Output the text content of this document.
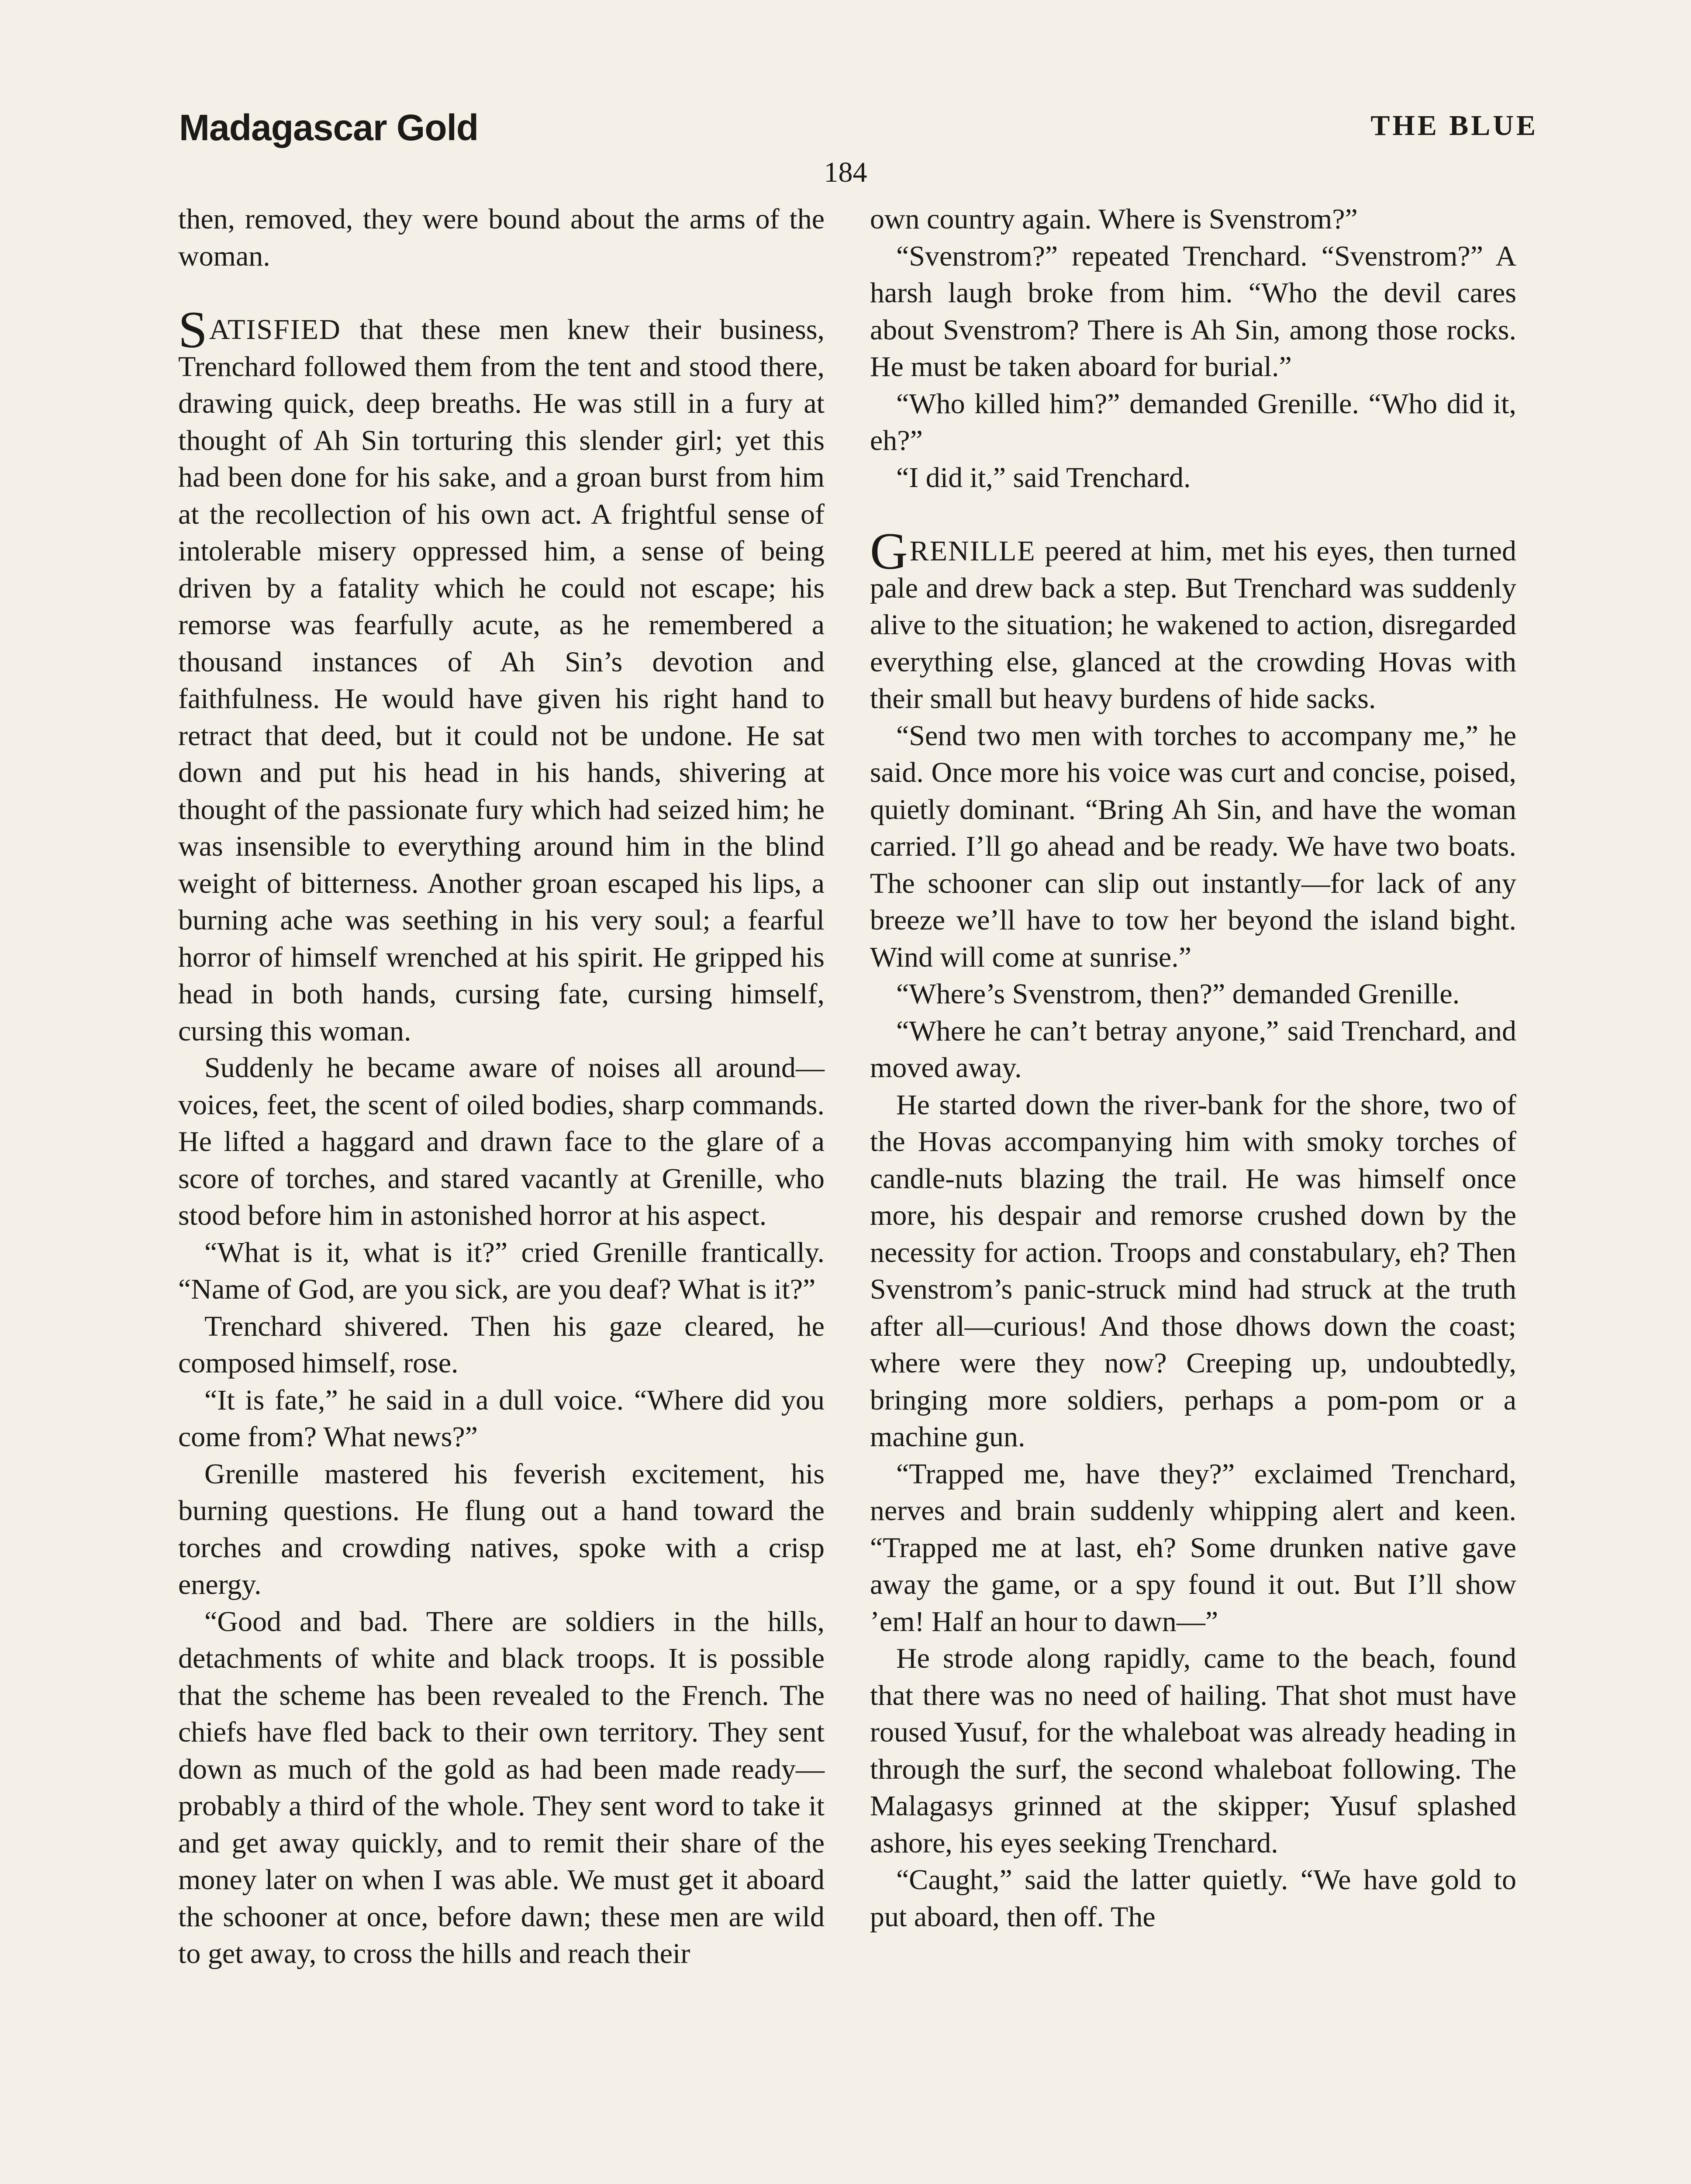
Madagascar Gold	THE BLUE
184

then, removed, they were bound about the arms of the woman.

SATISFIED that these men knew their business, Trenchard followed them from the tent and stood there, drawing quick, deep breaths. He was still in a fury at thought of Ah Sin torturing this slender girl; yet this had been done for his sake, and a groan burst from him at the recollection of his own act. A frightful sense of intolerable misery oppressed him, a sense of being driven by a fatality which he could not escape; his remorse was fearfully acute, as he remembered a thousand instances of Ah Sin’s devotion and faithfulness. He would have given his right hand to retract that deed, but it could not be undone. He sat down and put his head in his hands, shivering at thought of the passionate fury which had seized him; he was insensible to everything around him in the blind weight of bitterness. Another groan escaped his lips, a burning ache was seething in his very soul; a fearful horror of himself wrenched at his spirit. He gripped his head in both hands, cursing fate, cursing himself, cursing this woman.

Suddenly he became aware of noises all around—voices, feet, the scent of oiled bodies, sharp commands. He lifted a haggard and drawn face to the glare of a score of torches, and stared vacantly at Grenille, who stood before him in astonished horror at his aspect.

“What is it, what is it?” cried Grenille frantically. “Name of God, are you sick, are you deaf? What is it?”

Trenchard shivered. Then his gaze cleared, he composed himself, rose.

“It is fate,” he said in a dull voice. “Where did you come from? What news?”

Grenille mastered his feverish excitement, his burning questions. He flung out a hand toward the torches and crowding natives, spoke with a crisp energy.

“Good and bad. There are soldiers in the hills, detachments of white and black troops. It is possible that the scheme has been revealed to the French. The chiefs have fled back to their own territory. They sent down as much of the gold as had been made ready—probably a third of the whole. They sent word to take it and get away quickly, and to remit their share of the money later on when I was able. We must get it aboard the schooner at once, before dawn; these men are wild to get away, to cross the hills and reach their

own country again. Where is Svenstrom?”

“Svenstrom?” repeated Trenchard. “Svenstrom?” A harsh laugh broke from him. “Who the devil cares about Svenstrom? There is Ah Sin, among those rocks. He must be taken aboard for burial.”

“Who killed him?” demanded Grenille. “Who did it, eh?”

“I did it,” said Trenchard.

GRENILLE peered at him, met his eyes, then turned pale and drew back a step. But Trenchard was suddenly alive to the situation; he wakened to action, disregarded everything else, glanced at the crowding Hovas with their small but heavy burdens of hide sacks.

“Send two men with torches to accompany me,” he said. Once more his voice was curt and concise, poised, quietly dominant. “Bring Ah Sin, and have the woman carried. I’ll go ahead and be ready. We have two boats. The schooner can slip out instantly—for lack of any breeze we’ll have to tow her beyond the island bight. Wind will come at sunrise.”

“Where’s Svenstrom, then?” demanded Grenille.

“Where he can’t betray anyone,” said Trenchard, and moved away.

He started down the river-bank for the shore, two of the Hovas accompanying him with smoky torches of candle-nuts blazing the trail. He was himself once more, his despair and remorse crushed down by the necessity for action. Troops and constabulary, eh? Then Svenstrom’s panic-struck mind had struck at the truth after all—curious! And those dhows down the coast; where were they now? Creeping up, undoubtedly, bringing more soldiers, perhaps a pom-pom or a machine gun.

“Trapped me, have they?” exclaimed Trenchard, nerves and brain suddenly whipping alert and keen. “Trapped me at last, eh? Some drunken native gave away the game, or a spy found it out. But I’ll show ’em! Half an hour to dawn—”

He strode along rapidly, came to the beach, found that there was no need of hailing. That shot must have roused Yusuf, for the whaleboat was already heading in through the surf, the second whaleboat following. The Malagasys grinned at the skipper; Yusuf splashed ashore, his eyes seeking Trenchard.

“Caught,” said the latter quietly. “We have gold to put aboard, then off. The
